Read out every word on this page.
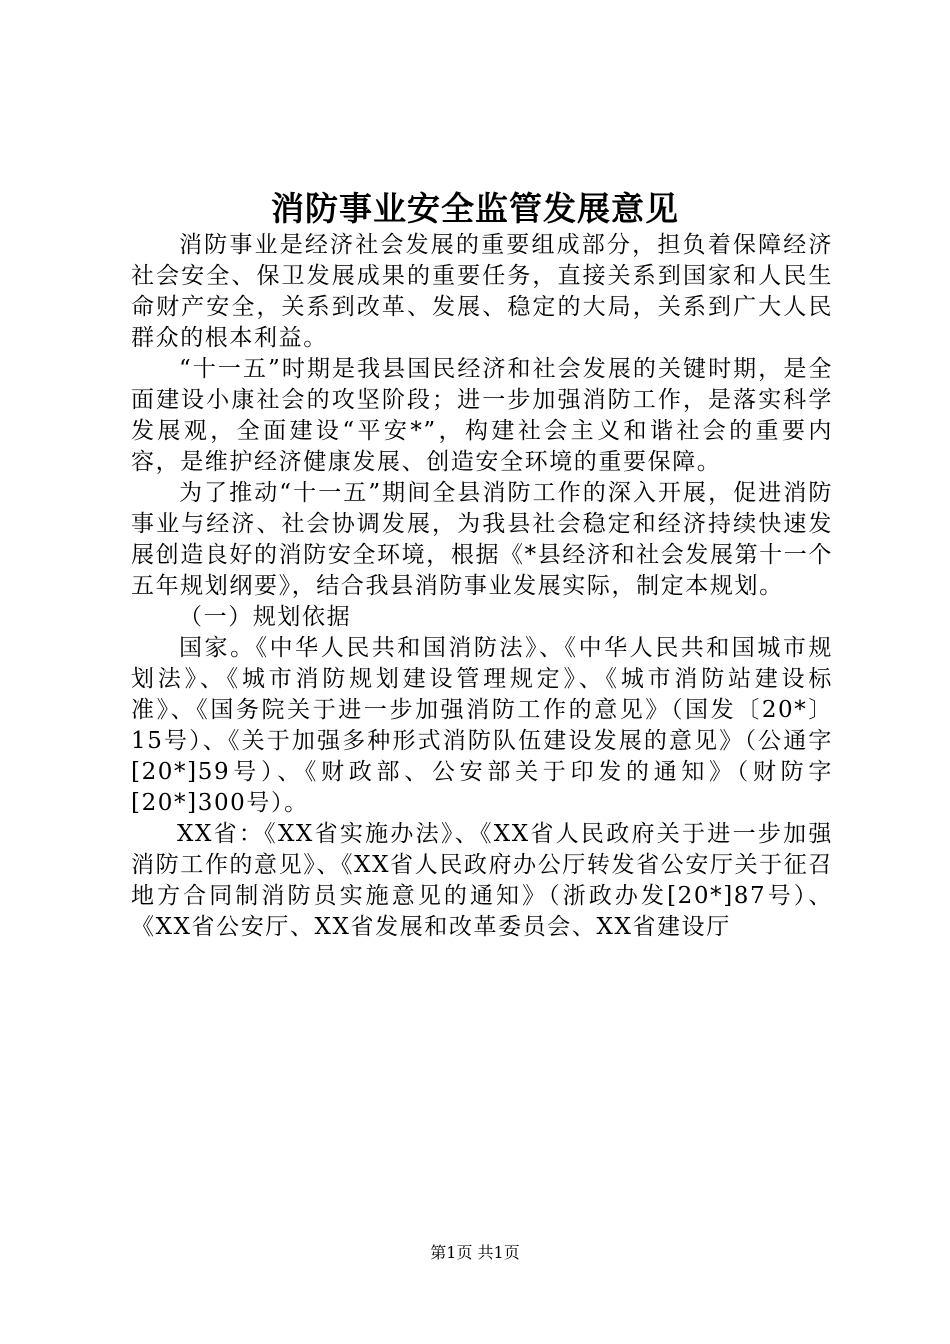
消防事业安全监管发展意见

消防事业是经济社会发展的重要组成部分，担负着保障经济社会安全、保卫发展成果的重要任务，直接关系到国家和人民生命财产安全，关系到改革、发展、稳定的大局，关系到广大人民群众的根本利益。

“十一五”时期是我县国民经济和社会发展的关键时期，是全面建设小康社会的攻坚阶段；进一步加强消防工作，是落实科学发展观，全面建设“平安*”，构建社会主义和谐社会的重要内容，是维护经济健康发展、创造安全环境的重要保障。

为了推动“十一五”期间全县消防工作的深入开展，促进消防事业与经济、社会协调发展，为我县社会稳定和经济持续快速发展创造良好的消防安全环境，根据《*县经济和社会发展第十一个五年规划纲要》，结合我县消防事业发展实际，制定本规划。

（一）规划依据

国家。《中华人民共和国消防法》、《中华人民共和国城市规划法》、《城市消防规划建设管理规定》、《城市消防站建设标准》、《国务院关于进一步加强消防工作的意见》（国发〔20*〕15号）、《关于加强多种形式消防队伍建设发展的意见》（公通字[20*]59号）、《财政部、公安部关于印发的通知》（财防字[20*]300号）。

XX省：《XX省实施办法》、《XX省人民政府关于进一步加强消防工作的意见》、《XX省人民政府办公厅转发省公安厅关于征召地方合同制消防员实施意见的通知》（浙政办发[20*]87号）、《XX省公安厅、XX省发展和改革委员会、XX省建设厅

第1页 共1页
